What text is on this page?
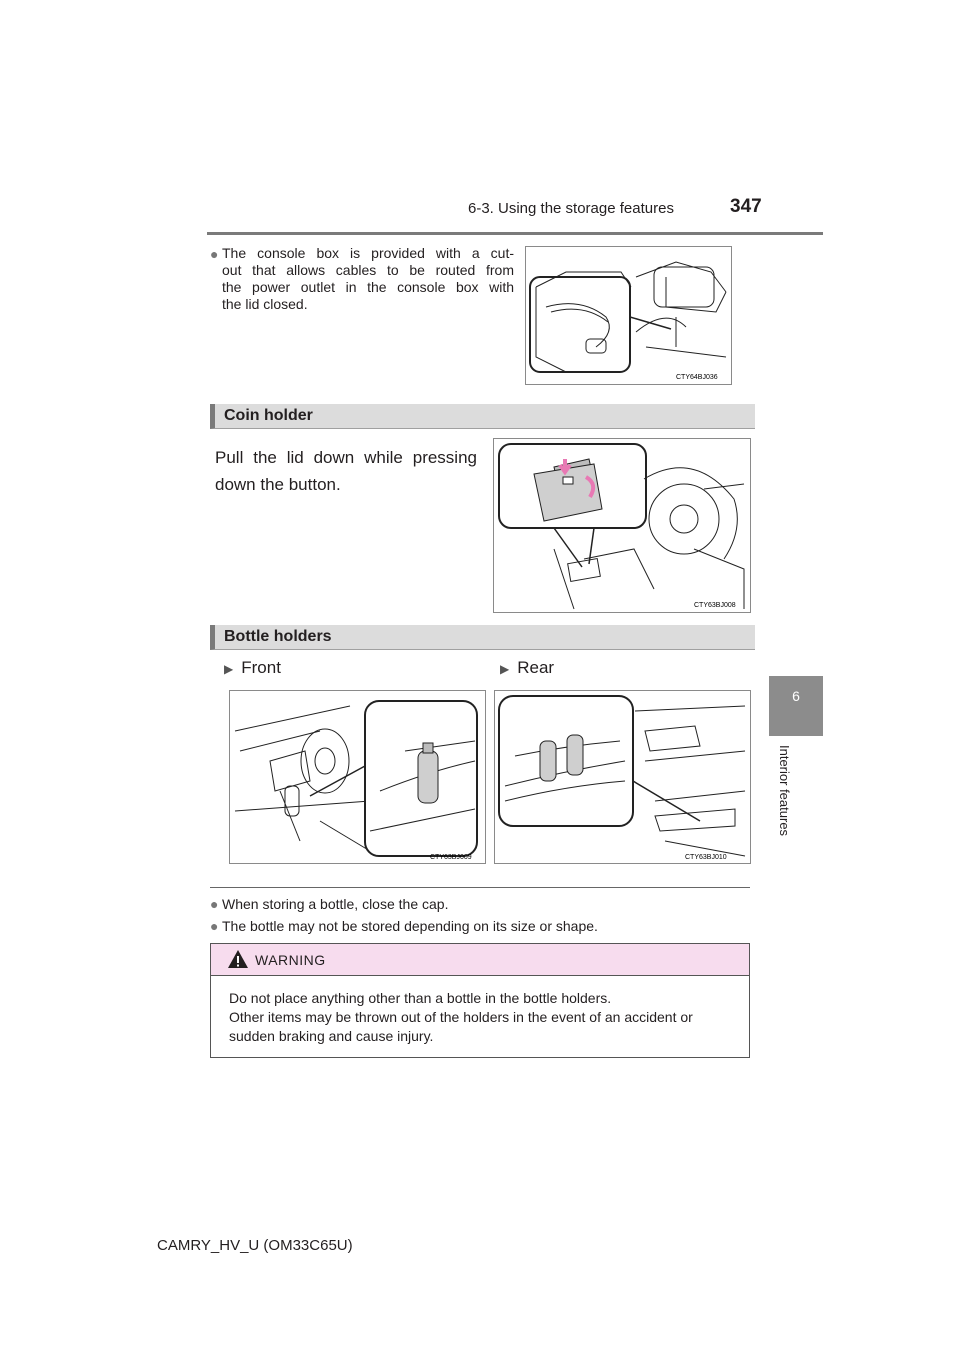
6-3. Using the storage features	347
6
Interior features
● The console box is provided with a cut-
out that allows cables to be routed from
the power outlet in the console box with
the lid closed.
CTY64BJ036
Coin holder
Pull the lid down while pressing
down the button.
CTY63BJ008
Bottle holders
▶ Front	▶ Rear
CTY63BJ009	CTY63BJ010
● When storing a bottle, close the cap.
● The bottle may not be stored depending on its size or shape.
WARNING
Do not place anything other than a bottle in the bottle holders.
Other items may be thrown out of the holders in the event of an accident or
sudden braking and cause injury.
CAMRY_HV_U (OM33C65U)
